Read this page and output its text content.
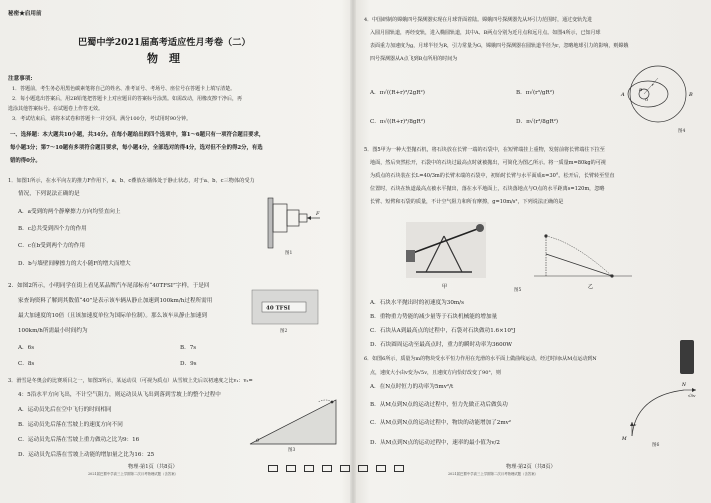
秘密★启用前
巴蜀中学2021届高考适应性月考卷（二）
物　理
注意事项:
1．答题前，考生务必用黑色碳素笔将自己的姓名、准考证号、考场号、座位号在答题卡上填写清楚。
2．每小题选出答案后，用2B铅笔把答题卡上对应题目的答案标号涂黑。如需改动，用橡皮擦干净后，再
选涂其他答案标号。在试题卷上作答无效。
3．考试结束后，请将本试卷和答题卡一并交回。满分100分，考试用时90分钟。
一、选择题：本大题共10小题，共34分。在每小题给出的四个选项中，第1～6题只有一项符合题目要求，
每小题3分；第7～10题有多项符合题目要求，每小题4分，全部选对的得4分，选对但不全的得2分，有选
错的得0分。
1．如图1所示，在水平向左的推力F作用下，a、b、c叠放在墙体处于静止状态，对于a、b、c三物体的受力
情况，下列说法正确的是
A．a受到的两个静摩擦力方向均竖直向上
B．c总共受到四个力的作用
C．c在b受到两个力的作用
D．b与墙壁间摩擦力的大小随F的增大而增大
F
图1
2．如图2所示，小明同学在街上看见某品牌汽车尾部标有“40TFSI”字样，于是回
家查询资料了解到其数值“40”是表示该车辆从静止加速到100km/h过程所需用
最大加速度的10倍（且该加速度单位为国际单位制）。那么该车从静止加速到
100km/h所需最小时间约为
A．6s	B．7s
C．8s	D．9s
40 TFSI
图2
3．滑雪是冬奥会的比赛项目之一，如图3所示，某运动员（可视为质点）从雪坡上先后以初速度之比v₁：v₂=
4：5沿水平方向飞出，不计空气阻力，则运动员从飞出到落到雪坡上的整个过程中
A．运动员先后在空中飞行的时间相同
B．运动员先后落在雪坡上的速度方向不同
C．运动员先后落在雪坡上重力做功之比为9：16
D．运动员先后落在雪坡上动能的增加量之比为16：25
θ
图3
物理·第1页（共8页）
2021届巴蜀中学高三上学期第二次月考物理试题（含答案）
4．中国研制的嫦娥四号探测器实现在月球背面着陆。嫦娥四号探测器先从环引力范围时，通过变轨先进
入圆月圆轨道，再经变轨，进入椭圆轨道，其中A、B两点分别为近月点和远月点。如图4所示，已知月球
表面重力加速度为g，月球半径为R，引力常量为G，嫦娥四号探测器在圆轨道半径为r，忽略地球引力的影响，则嫦娥
四号探测器从A点飞到B点所用的时间为
A．π√((R+r)³/2gR²)	B．π√(r³/gR²)
C．π√((R+r)³/8gR²)	D．π√(r³/8gR²)
A	B
O
R
r
图4
5．图5甲为一种大型抛石机，将石块放在长臂一端的石袋中，在短臂端挂上重物，发射前将长臂端往下拉至
地面，然后突然松开，石袋中的石块过最高点时就被抛出，可简化为图乙所示。将一质量m=80kg的可视
为质点的石块装在长L=40/3m的长臂末端的石袋中，初始时长臂与水平面成α=30°。松开后，长臂转至竖直
位置时，石块在轨道最高点被水平抛出，落在水平地面上，石块落地点与O点的水平距离s=120m，忽略
长臂、短臂和石袋的质量，不计空气阻力和所有摩擦，g=10m/s²，下列说法正确的是
甲	乙
图5
A．石块水平抛出时的初速度为30m/s
B．重物重力势能的减少量等于石块机械能的增加量
C．石块从A到最高点的过程中，石袋对石块做功1.6×10⁵J
D．石块圆周运动至最高点时，重力的瞬时功率为3600W
6．如图6所示，质量为m的物块受水平恒力作用在光滑的水平面上做曲线运动，经过时间t从M点运动到N
点，速度大小由v变为√5v，且速度方向恰好改变了90°，则
A．在N点时恒力的功率为5mv²/t
B．从M点到N点的运动过程中，恒力先做正功后做负功
C．从M点到N点的运动过程中，物块的动能增加了2mv²
D．从M点到N点的运动过程中，速率的最小值为v/2
M
N
v
√5v
图6
物理·第2页（共8页）
2021届巴蜀中学高三上学期第二次月考物理试题（含答案）
